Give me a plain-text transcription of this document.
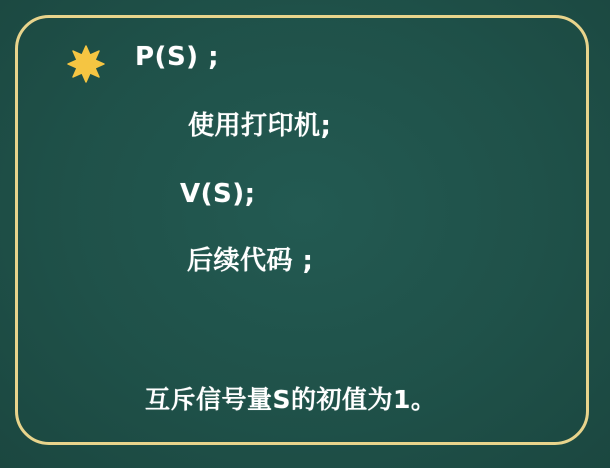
P(S) ;
使用打印机;
V(S);
后续代码 ;
互斥信号量S的初值为1。
